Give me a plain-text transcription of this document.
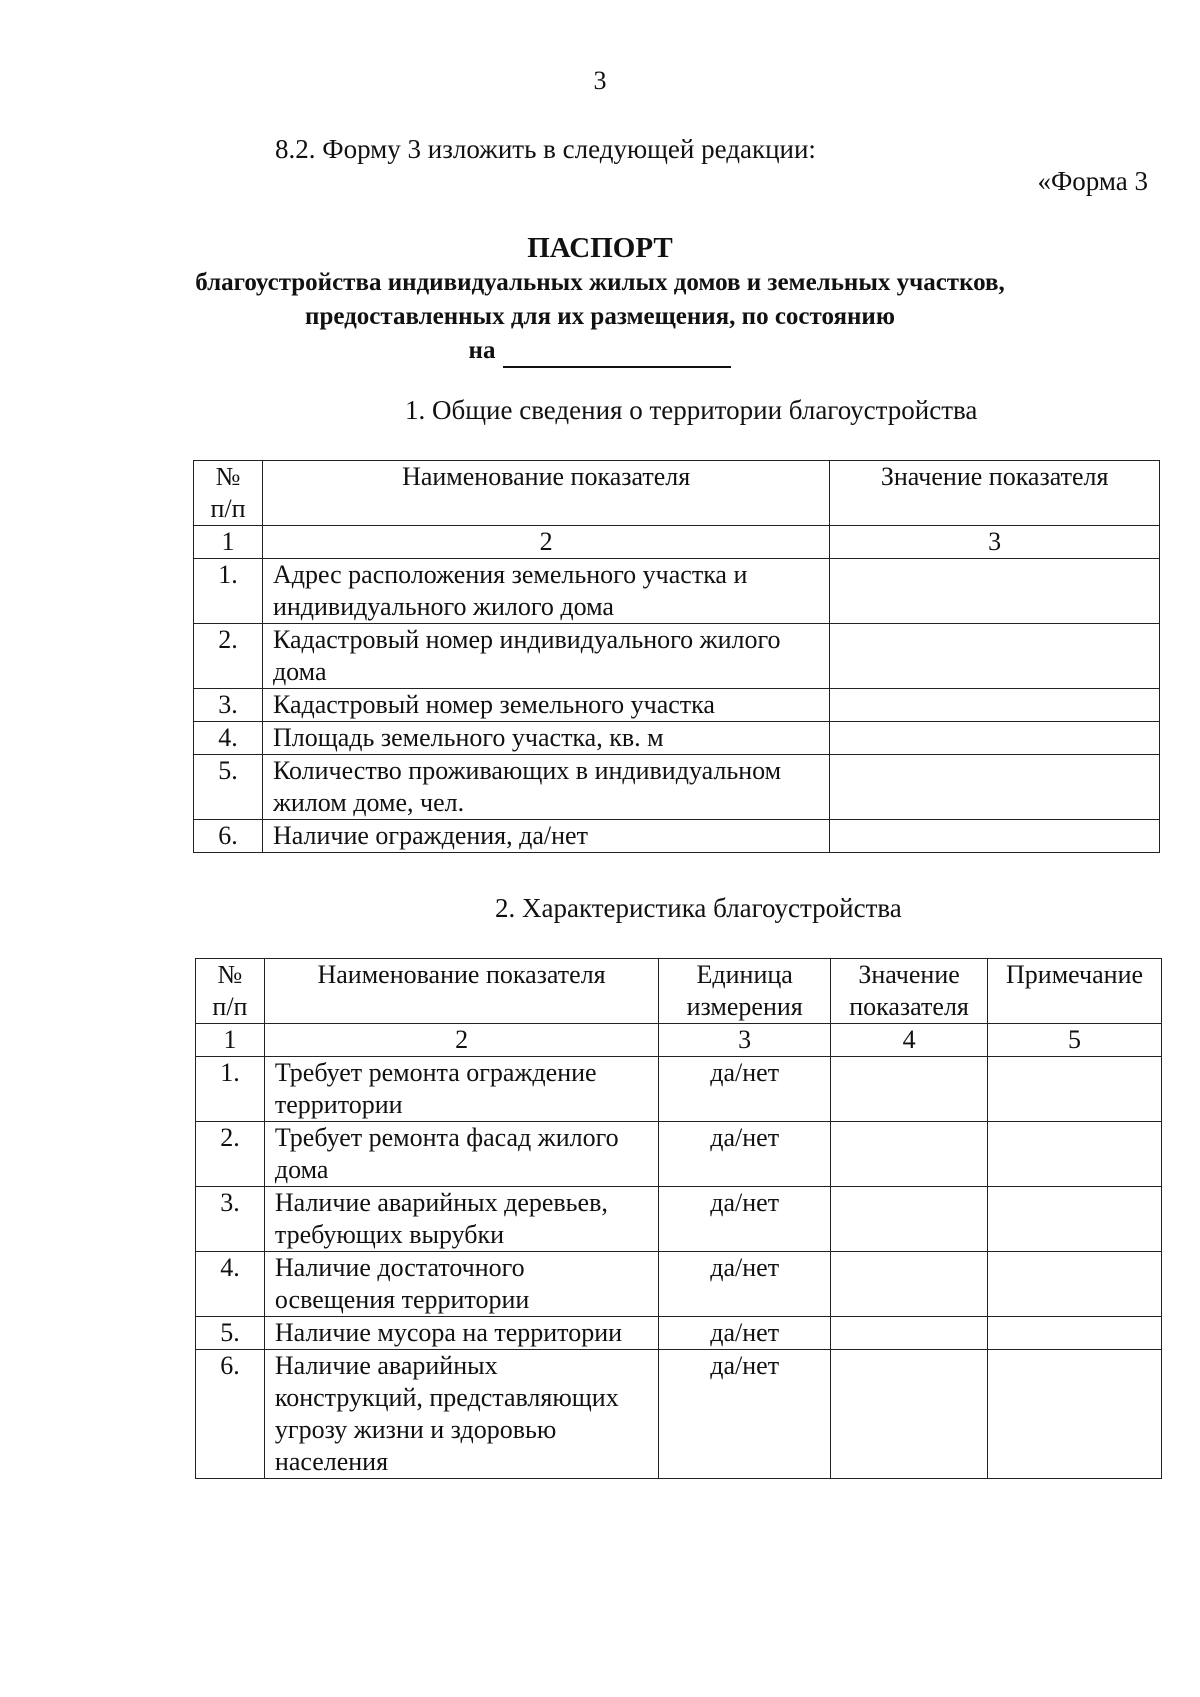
3
8.2. Форму 3 изложить в следующей редакции:
«Форма 3
ПАСПОРТ
благоустройства индивидуальных жилых домов и земельных участков,
предоставленных для их размещения, по состоянию
на
1. Общие сведения о территории благоустройства
№ п/п	Наименование показателя	Значение показателя
1	2	3
1.	Адрес расположения земельного участка и индивидуального жилого дома	
2.	Кадастровый номер индивидуального жилого дома	
3.	Кадастровый номер земельного участка	
4.	Площадь земельного участка, кв. м	
5.	Количество проживающих в индивидуальном жилом доме, чел.	
6.	Наличие ограждения, да/нет	
2. Характеристика благоустройства
№ п/п	Наименование показателя	Единица измерения	Значение показателя	Примечание
1	2	3	4	5
1.	Требует ремонта ограждение территории	да/нет		
2.	Требует ремонта фасад жилого дома	да/нет		
3.	Наличие аварийных деревьев, требующих вырубки	да/нет		
4.	Наличие достаточного освещения территории	да/нет		
5.	Наличие мусора на территории	да/нет		
6.	Наличие аварийных конструкций, представляющих угрозу жизни и здоровью населения	да/нет		
